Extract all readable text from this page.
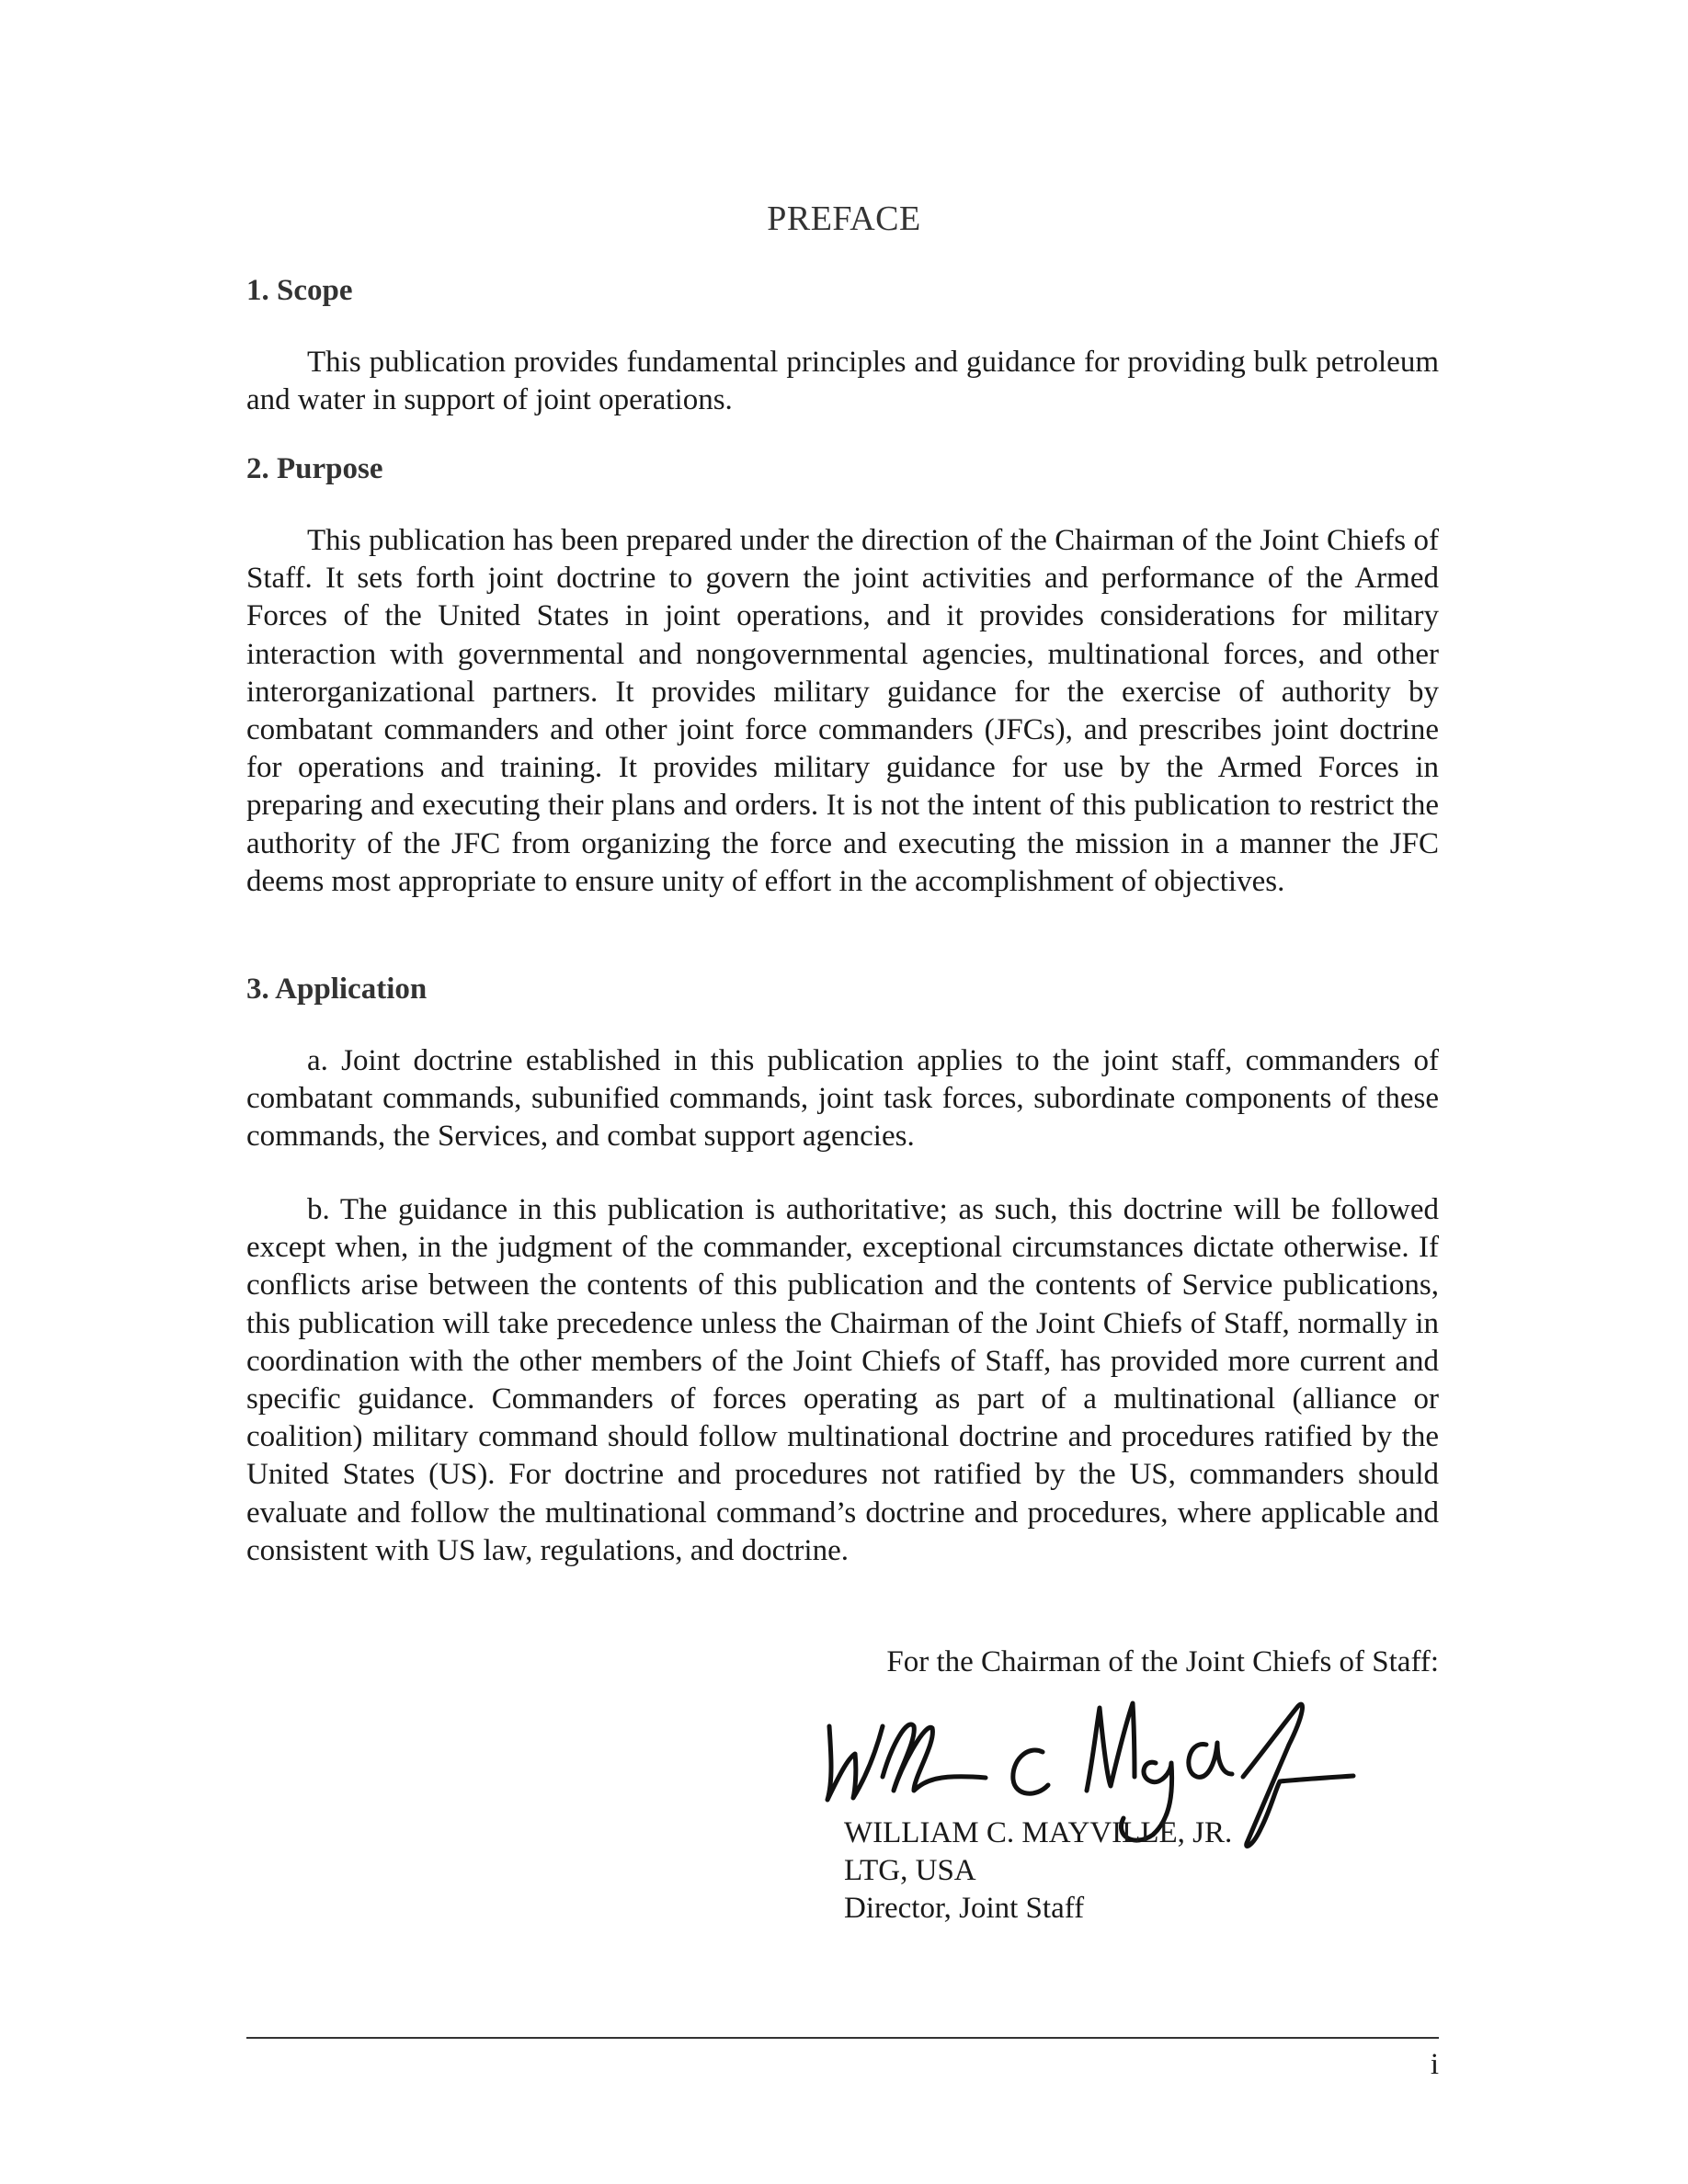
PREFACE
1. Scope

This publication provides fundamental principles and guidance for providing bulk petroleum and water in support of joint operations.

2. Purpose

This publication has been prepared under the direction of the Chairman of the Joint Chiefs of Staff. It sets forth joint doctrine to govern the joint activities and performance of the Armed Forces of the United States in joint operations, and it provides considerations for military interaction with governmental and nongovernmental agencies, multinational forces, and other interorganizational partners. It provides military guidance for the exercise of authority by combatant commanders and other joint force commanders (JFCs), and prescribes joint doctrine for operations and training. It provides military guidance for use by the Armed Forces in preparing and executing their plans and orders. It is not the intent of this publication to restrict the authority of the JFC from organizing the force and executing the mission in a manner the JFC deems most appropriate to ensure unity of effort in the accomplishment of objectives.

3. Application

a. Joint doctrine established in this publication applies to the joint staff, commanders of combatant commands, subunified commands, joint task forces, subordinate components of these commands, the Services, and combat support agencies.

b. The guidance in this publication is authoritative; as such, this doctrine will be followed except when, in the judgment of the commander, exceptional circumstances dictate otherwise. If conflicts arise between the contents of this publication and the contents of Service publications, this publication will take precedence unless the Chairman of the Joint Chiefs of Staff, normally in coordination with the other members of the Joint Chiefs of Staff, has provided more current and specific guidance. Commanders of forces operating as part of a multinational (alliance or coalition) military command should follow multinational doctrine and procedures ratified by the United States (US). For doctrine and procedures not ratified by the US, commanders should evaluate and follow the multinational command’s doctrine and procedures, where applicable and consistent with US law, regulations, and doctrine.

For the Chairman of the Joint Chiefs of Staff:
WILLIAM C. MAYVILLE, JR.
LTG, USA
Director, Joint Staff
i
